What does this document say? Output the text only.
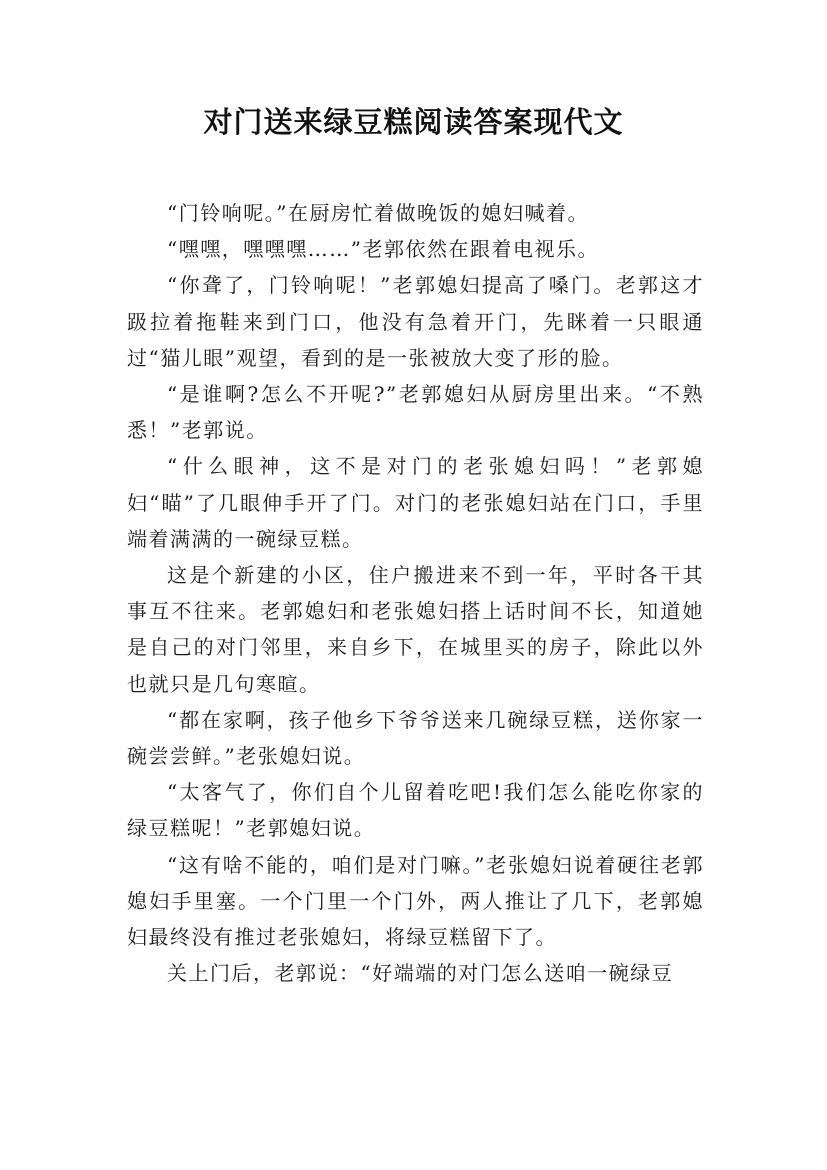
对门送来绿豆糕阅读答案现代文

“门铃响呢。”在厨房忙着做晚饭的媳妇喊着。

“嘿嘿，嘿嘿嘿……”老郭依然在跟着电视乐。

“你聋了，门铃响呢！”老郭媳妇提高了嗓门。老郭这才趿拉着拖鞋来到门口，他没有急着开门，先眯着一只眼通过“猫儿眼”观望，看到的是一张被放大变了形的脸。

“是谁啊?怎么不开呢?”老郭媳妇从厨房里出来。“不熟悉！”老郭说。

“什么眼神，这不是对门的老张媳妇吗！”老郭媳妇“瞄”了几眼伸手开了门。对门的老张媳妇站在门口，手里端着满满的一碗绿豆糕。

这是个新建的小区，住户搬进来不到一年，平时各干其事互不往来。老郭媳妇和老张媳妇搭上话时间不长，知道她是自己的对门邻里，来自乡下，在城里买的房子，除此以外也就只是几句寒暄。

“都在家啊，孩子他乡下爷爷送来几碗绿豆糕，送你家一碗尝尝鲜。”老张媳妇说。

“太客气了，你们自个儿留着吃吧!我们怎么能吃你家的绿豆糕呢！”老郭媳妇说。

“这有啥不能的，咱们是对门嘛。”老张媳妇说着硬往老郭媳妇手里塞。一个门里一个门外，两人推让了几下，老郭媳妇最终没有推过老张媳妇，将绿豆糕留下了。

关上门后，老郭说：“好端端的对门怎么送咱一碗绿豆
